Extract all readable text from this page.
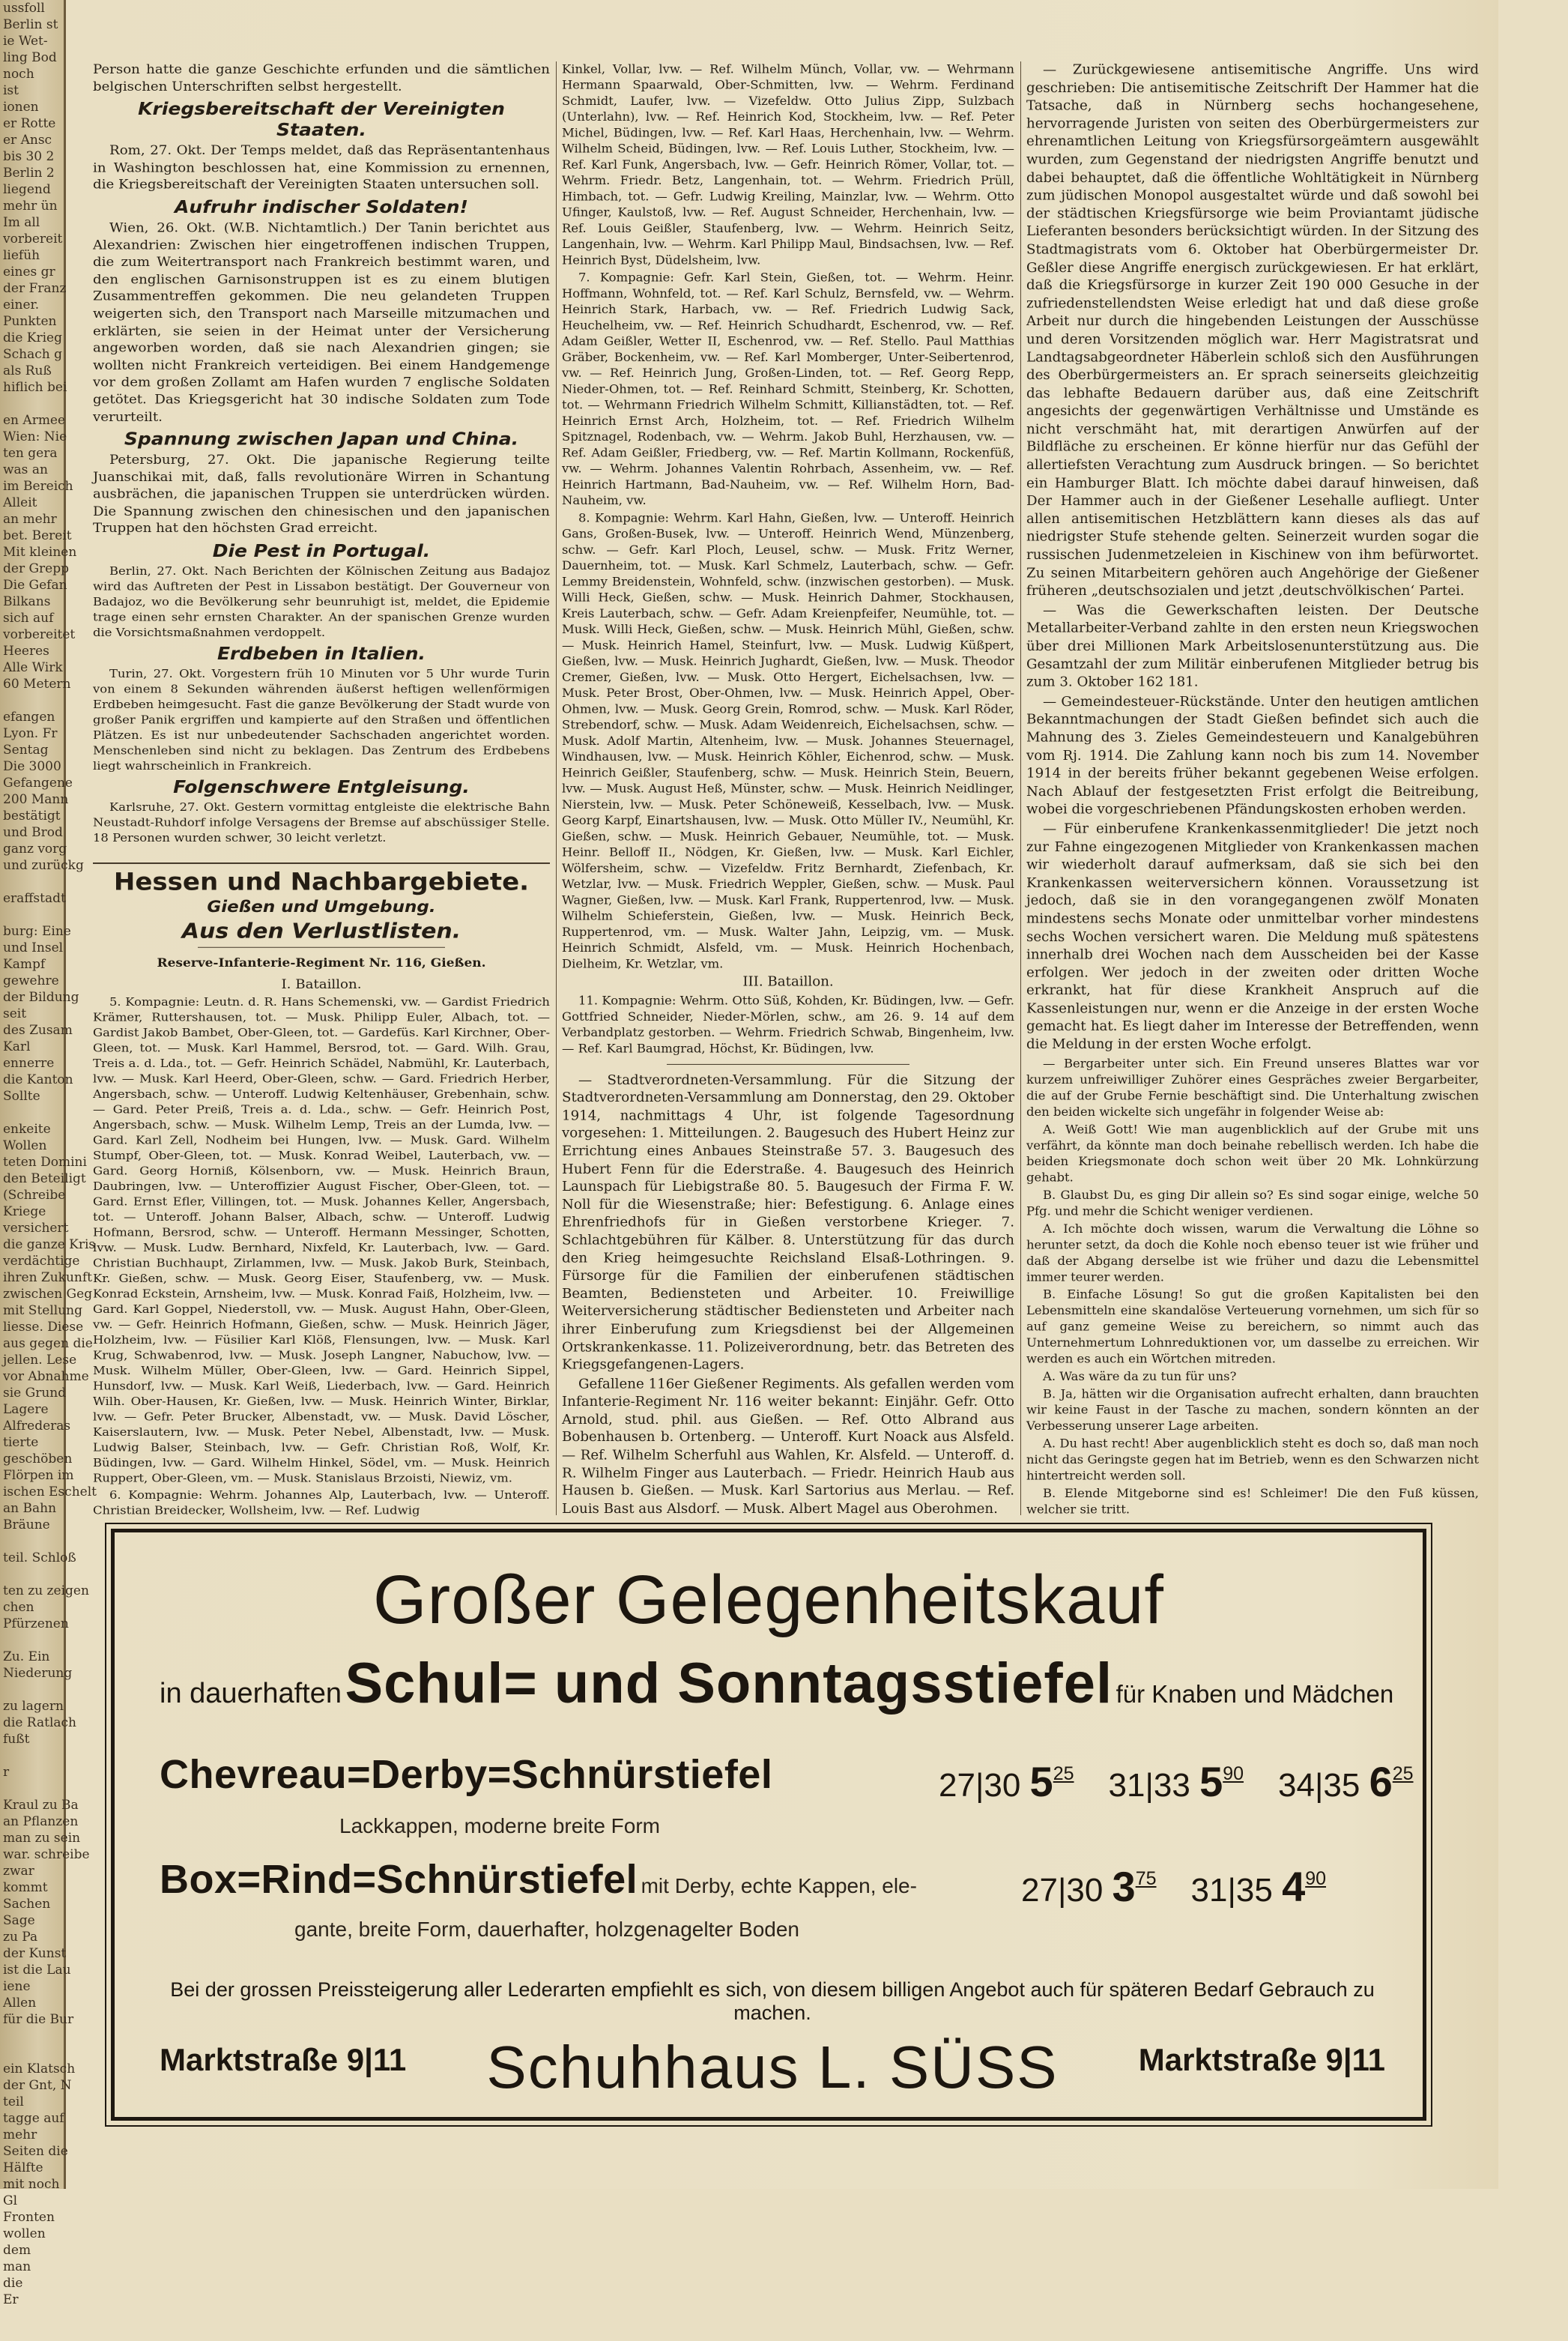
ussfoll
Berlin st
ie Wet-
ling Bod
noch
ist
ionen
er Rotte
er Ansc
bis 30 2
Berlin 2
liegend
mehr ün
Im all
vorbereit
liefüh
eines gr
der Franz
einer.
Punkten
die Krieg
Schach g
als Ruß
hiflich bei

en Armee
Wien: Nie
ten gera
was an
im Bereich
Alleit
an mehr
bet. Bereit
Mit kleinen
der Grepp
Die Gefan
Bilkans
sich auf
vorbereitet
Heeres
Alle Wirk
60 Metern

efangen
Lyon. Fr
Sentag
Die 3000
Gefangene
200 Mann
bestätigt
und Brod
ganz vorg
und zurückg

eraffstadt

burg: Eine
und Insel
Kampf
gewehre
der Bildung
seit
des Zusam
Karl
ennerre
die Kanton
Sollte

enkeite
Wollen
teten Domini
den Beteiligt
(Schreibe
Kriege
versichert
die ganze Kris
verdächtige
ihren Zukunft
zwischen Geg
mit Stellung
liesse. Diese
aus gegen die
jellen. Lese
vor Abnahme
sie Grund
Lagere
Alfrederas
tierte
geschöben
Flörpen im
ischen Eschelt
an Bahn
Bräune

teil. Schloß

ten zu zeigen
chen
Pfürzenen

Zu. Ein
Niederung

zu lagern
die Ratlach
fußt

r

Kraul zu Ba
an Pflanzen
man zu sein
war. schreibe
zwar
kommt
Sachen
Sage
zu Pa
der Kunst
ist die Lau
iene
Allen
für die Bur

ein Klatsch
der Gnt, N
teil
tagge auf
mehr
Seiten die
Hälfte
mit noch
Gl
Fronten
wollen
dem
man
die
Er

Person hatte die ganze Geschichte erfunden und die sämtlichen belgischen Unterschriften selbst hergestellt.

Kriegsbereitschaft der Vereinigten Staaten.

Rom, 27. Okt. Der Temps meldet, daß das Repräsentantenhaus in Washington beschlossen hat, eine Kommission zu ernennen, die Kriegsbereitschaft der Vereinigten Staaten untersuchen soll.

Aufruhr indischer Soldaten!

Wien, 26. Okt. (W.B. Nichtamtlich.) Der Tanin berichtet aus Alexandrien: Zwischen hier eingetroffenen indischen Truppen, die zum Weitertransport nach Frankreich bestimmt waren, und den englischen Garnisonstruppen ist es zu einem blutigen Zusammentreffen gekommen. Die neu gelandeten Truppen weigerten sich, den Transport nach Marseille mitzumachen und erklärten, sie seien in der Heimat unter der Versicherung angeworben worden, daß sie nach Alexandrien gingen; sie wollten nicht Frankreich verteidigen. Bei einem Handgemenge vor dem großen Zollamt am Hafen wurden 7 englische Soldaten getötet. Das Kriegsgericht hat 30 indische Soldaten zum Tode verurteilt.

Spannung zwischen Japan und China.

Petersburg, 27. Okt. Die japanische Regierung teilte Juanschikai mit, daß, falls revolutionäre Wirren in Schantung ausbrächen, die japanischen Truppen sie unterdrücken würden. Die Spannung zwischen den chinesischen und den japanischen Truppen hat den höchsten Grad erreicht.

Die Pest in Portugal.

Berlin, 27. Okt. Nach Berichten der Kölnischen Zeitung aus Badajoz wird das Auftreten der Pest in Lissabon bestätigt. Der Gouverneur von Badajoz, wo die Bevölkerung sehr beunruhigt ist, meldet, die Epidemie trage einen sehr ernsten Charakter. An der spanischen Grenze wurden die Vorsichtsmaßnahmen verdoppelt.

Erdbeben in Italien.

Turin, 27. Okt. Vorgestern früh 10 Minuten vor 5 Uhr wurde Turin von einem 8 Sekunden währenden äußerst heftigen wellenförmigen Erdbeben heimgesucht. Fast die ganze Bevölkerung der Stadt wurde von großer Panik ergriffen und kampierte auf den Straßen und öffentlichen Plätzen. Es ist nur unbedeutender Sachschaden angerichtet worden. Menschenleben sind nicht zu beklagen. Das Zentrum des Erdbebens liegt wahrscheinlich in Frankreich.

Folgenschwere Entgleisung.

Karlsruhe, 27. Okt. Gestern vormittag entgleiste die elektrische Bahn Neustadt-Ruhdorf infolge Versagens der Bremse auf abschüssiger Stelle. 18 Personen wurden schwer, 30 leicht verletzt.

Hessen und Nachbargebiete.
Gießen und Umgebung.
Aus den Verlustlisten.
Reserve-Infanterie-Regiment Nr. 116, Gießen.

I. Bataillon.

5. Kompagnie: Leutn. d. R. Hans Schemenski, vw. — Gardist Friedrich Krämer, Ruttershausen, tot. — Musk. Philipp Euler, Albach, tot. — Gardist Jakob Bambet, Ober-Gleen, tot. — Gardefüs. Karl Kirchner, Ober-Gleen, tot. — Musk. Karl Hammel, Bersrod, tot. — Gard. Wilh. Grau, Treis a. d. Lda., tot. — Gefr. Heinrich Schädel, Nabmühl, Kr. Lauterbach, lvw. — Musk. Karl Heerd, Ober-Gleen, schw. — Gard. Friedrich Herber, Angersbach, schw. — Unteroff. Ludwig Keltenhäuser, Grebenhain, schw. — Gard. Peter Preiß, Treis a. d. Lda., schw. — Gefr. Heinrich Post, Angersbach, schw. — Musk. Wilhelm Lemp, Treis an der Lumda, lvw. — Gard. Karl Zell, Nodheim bei Hungen, lvw. — Musk. Gard. Wilhelm Stumpf, Ober-Gleen, tot. — Musk. Konrad Weibel, Lauterbach, vw. — Gard. Georg Horniß, Kölsenborn, vw. — Musk. Heinrich Braun, Daubringen, lvw. — Unteroffizier August Fischer, Ober-Gleen, tot. — Gard. Ernst Efler, Villingen, tot. — Musk. Johannes Keller, Angersbach, tot. — Unteroff. Johann Balser, Albach, schw. — Unteroff. Ludwig Hofmann, Bersrod, schw. — Unteroff. Hermann Messinger, Schotten, lvw. — Musk. Ludw. Bernhard, Nixfeld, Kr. Lauterbach, lvw. — Gard. Christian Buchhaupt, Zirlammen, lvw. — Musk. Jakob Burk, Steinbach, Kr. Gießen, schw. — Musk. Georg Eiser, Staufenberg, vw. — Musk. Konrad Eckstein, Arnsheim, lvw. — Musk. Konrad Faiß, Holzheim, lvw. — Gard. Karl Goppel, Niederstoll, vw. — Musk. August Hahn, Ober-Gleen, vw. — Gefr. Heinrich Hofmann, Gießen, schw. — Musk. Heinrich Jäger, Holzheim, lvw. — Füsilier Karl Klöß, Flensungen, lvw. — Musk. Karl Krug, Schwabenrod, lvw. — Musk. Joseph Langner, Nabuchow, lvw. — Musk. Wilhelm Müller, Ober-Gleen, lvw. — Gard. Heinrich Sippel, Hunsdorf, lvw. — Musk. Karl Weiß, Liederbach, lvw. — Gard. Heinrich Wilh. Ober-Hausen, Kr. Gießen, lvw. — Musk. Heinrich Winter, Birklar, lvw. — Gefr. Peter Brucker, Albenstadt, vw. — Musk. David Löscher, Kaiserslautern, lvw. — Musk. Peter Nebel, Albenstadt, lvw. — Musk. Ludwig Balser, Steinbach, lvw. — Gefr. Christian Roß, Wolf, Kr. Büdingen, lvw. — Gard. Wilhelm Hinkel, Södel, vm. — Musk. Heinrich Ruppert, Ober-Gleen, vm. — Musk. Stanislaus Brzoisti, Niewiz, vm.

6. Kompagnie: Wehrm. Johannes Alp, Lauterbach, lvw. — Unteroff. Christian Breidecker, Wollsheim, lvw. — Ref. Ludwig

Kinkel, Vollar, lvw. — Ref. Wilhelm Münch, Vollar, vw. — Wehrmann Hermann Spaarwald, Ober-Schmitten, lvw. — Wehrm. Ferdinand Schmidt, Laufer, lvw. — Vizefeldw. Otto Julius Zipp, Sulzbach (Unterlahn), lvw. — Ref. Heinrich Kod, Stockheim, lvw. — Ref. Peter Michel, Büdingen, lvw. — Ref. Karl Haas, Herchenhain, lvw. — Wehrm. Wilhelm Scheid, Büdingen, lvw. — Ref. Louis Luther, Stockheim, lvw. — Ref. Karl Funk, Angersbach, lvw. — Gefr. Heinrich Römer, Vollar, tot. — Wehrm. Friedr. Betz, Langenhain, tot. — Wehrm. Friedrich Prüll, Himbach, tot. — Gefr. Ludwig Kreiling, Mainzlar, lvw. — Wehrm. Otto Ufinger, Kaulstoß, lvw. — Ref. August Schneider, Herchenhain, lvw. — Ref. Louis Geißler, Staufenberg, lvw. — Wehrm. Heinrich Seitz, Langenhain, lvw. — Wehrm. Karl Philipp Maul, Bindsachsen, lvw. — Ref. Heinrich Byst, Düdelsheim, lvw.

7. Kompagnie: Gefr. Karl Stein, Gießen, tot. — Wehrm. Heinr. Hoffmann, Wohnfeld, tot. — Ref. Karl Schulz, Bernsfeld, vw. — Wehrm. Heinrich Stark, Harbach, vw. — Ref. Friedrich Ludwig Sack, Heuchelheim, vw. — Ref. Heinrich Schudhardt, Eschenrod, vw. — Ref. Adam Geißler, Wetter II, Eschenrod, vw. — Ref. Stello. Paul Matthias Gräber, Bockenheim, vw. — Ref. Karl Momberger, Unter-Seibertenrod, vw. — Ref. Heinrich Jung, Großen-Linden, tot. — Ref. Georg Repp, Nieder-Ohmen, tot. — Ref. Reinhard Schmitt, Steinberg, Kr. Schotten, tot. — Wehrmann Friedrich Wilhelm Schmitt, Killianstädten, tot. — Ref. Heinrich Ernst Arch, Holzheim, tot. — Ref. Friedrich Wilhelm Spitznagel, Rodenbach, vw. — Wehrm. Jakob Buhl, Herzhausen, vw. — Ref. Adam Geißler, Friedberg, vw. — Ref. Martin Kollmann, Rockenfüß, vw. — Wehrm. Johannes Valentin Rohrbach, Assenheim, vw. — Ref. Heinrich Hartmann, Bad-Nauheim, vw. — Ref. Wilhelm Horn, Bad-Nauheim, vw.

8. Kompagnie: Wehrm. Karl Hahn, Gießen, lvw. — Unteroff. Heinrich Gans, Großen-Busek, lvw. — Unteroff. Heinrich Wend, Münzenberg, schw. — Gefr. Karl Ploch, Leusel, schw. — Musk. Fritz Werner, Dauernheim, tot. — Musk. Karl Schmelz, Lauterbach, schw. — Gefr. Lemmy Breidenstein, Wohnfeld, schw. (inzwischen gestorben). — Musk. Willi Heck, Gießen, schw. — Musk. Heinrich Dahmer, Stockhausen, Kreis Lauterbach, schw. — Gefr. Adam Kreienpfeifer, Neumühle, tot. — Musk. Willi Heck, Gießen, schw. — Musk. Heinrich Mühl, Gießen, schw. — Musk. Heinrich Hamel, Steinfurt, lvw. — Musk. Ludwig Küßpert, Gießen, lvw. — Musk. Heinrich Jughardt, Gießen, lvw. — Musk. Theodor Cremer, Gießen, lvw. — Musk. Otto Hergert, Eichelsachsen, lvw. — Musk. Peter Brost, Ober-Ohmen, lvw. — Musk. Heinrich Appel, Ober-Ohmen, lvw. — Musk. Georg Grein, Romrod, schw. — Musk. Karl Röder, Strebendorf, schw. — Musk. Adam Weidenreich, Eichelsachsen, schw. — Musk. Adolf Martin, Altenheim, lvw. — Musk. Johannes Steuernagel, Windhausen, lvw. — Musk. Heinrich Köhler, Eichenrod, schw. — Musk. Heinrich Geißler, Staufenberg, schw. — Musk. Heinrich Stein, Beuern, lvw. — Musk. August Heß, Münster, schw. — Musk. Heinrich Neidlinger, Nierstein, lvw. — Musk. Peter Schöneweiß, Kesselbach, lvw. — Musk. Georg Karpf, Einartshausen, lvw. — Musk. Otto Müller IV., Neumühl, Kr. Gießen, schw. — Musk. Heinrich Gebauer, Neumühle, tot. — Musk. Heinr. Belloff II., Nödgen, Kr. Gießen, lvw. — Musk. Karl Eichler, Wölfersheim, schw. — Vizefeldw. Fritz Bernhardt, Ziefenbach, Kr. Wetzlar, lvw. — Musk. Friedrich Weppler, Gießen, schw. — Musk. Paul Wagner, Gießen, lvw. — Musk. Karl Frank, Ruppertenrod, lvw. — Musk. Wilhelm Schieferstein, Gießen, lvw. — Musk. Heinrich Beck, Ruppertenrod, vm. — Musk. Walter Jahn, Leipzig, vm. — Musk. Heinrich Schmidt, Alsfeld, vm. — Musk. Heinrich Hochenbach, Dielheim, Kr. Wetzlar, vm.

III. Bataillon.

11. Kompagnie: Wehrm. Otto Süß, Kohden, Kr. Büdingen, lvw. — Gefr. Gottfried Schneider, Nieder-Mörlen, schw., am 26. 9. 14 auf dem Verbandplatz gestorben. — Wehrm. Friedrich Schwab, Bingenheim, lvw. — Ref. Karl Baumgrad, Höchst, Kr. Büdingen, lvw.

— Stadtverordneten-Versammlung. Für die Sitzung der Stadtverordneten-Versammlung am Donnerstag, den 29. Oktober 1914, nachmittags 4 Uhr, ist folgende Tagesordnung vorgesehen: 1. Mitteilungen. 2. Baugesuch des Hubert Heinz zur Errichtung eines Anbaues Steinstraße 57. 3. Baugesuch des Hubert Fenn für die Ederstraße. 4. Baugesuch des Heinrich Launspach für Liebigstraße 80. 5. Baugesuch der Firma F. W. Noll für die Wiesenstraße; hier: Befestigung. 6. Anlage eines Ehrenfriedhofs für in Gießen verstorbene Krieger. 7. Schlachtgebühren für Kälber. 8. Unterstützung für das durch den Krieg heimgesuchte Reichsland Elsaß-Lothringen. 9. Fürsorge für die Familien der einberufenen städtischen Beamten, Bediensteten und Arbeiter. 10. Freiwillige Weiterversicherung städtischer Bediensteten und Arbeiter nach ihrer Einberufung zum Kriegsdienst bei der Allgemeinen Ortskrankenkasse. 11. Polizeiverordnung, betr. das Betreten des Kriegsgefangenen-Lagers.

Gefallene 116er Gießener Regiments. Als gefallen werden vom Infanterie-Regiment Nr. 116 weiter bekannt: Einjähr. Gefr. Otto Arnold, stud. phil. aus Gießen. — Ref. Otto Albrand aus Bobenhausen b. Ortenberg. — Unteroff. Kurt Noack aus Alsfeld. — Ref. Wilhelm Scherfuhl aus Wahlen, Kr. Alsfeld. — Unteroff. d. R. Wilhelm Finger aus Lauterbach. — Friedr. Heinrich Haub aus Hausen b. Gießen. — Musk. Karl Sartorius aus Merlau. — Ref. Louis Bast aus Alsdorf. — Musk. Albert Magel aus Oberohmen.

— Zurückgewiesene antisemitische Angriffe. Uns wird geschrieben: Die antisemitische Zeitschrift Der Hammer hat die Tatsache, daß in Nürnberg sechs hochangesehene, hervorragende Juristen von seiten des Oberbürgermeisters zur ehrenamtlichen Leitung von Kriegsfürsorgeämtern ausgewählt wurden, zum Gegenstand der niedrigsten Angriffe benutzt und dabei behauptet, daß die öffentliche Wohltätigkeit in Nürnberg zum jüdischen Monopol ausgestaltet würde und daß sowohl bei der städtischen Kriegsfürsorge wie beim Proviantamt jüdische Lieferanten besonders berücksichtigt würden. In der Sitzung des Stadtmagistrats vom 6. Oktober hat Oberbürgermeister Dr. Geßler diese Angriffe energisch zurückgewiesen. Er hat erklärt, daß die Kriegsfürsorge in kurzer Zeit 190 000 Gesuche in der zufriedenstellendsten Weise erledigt hat und daß diese große Arbeit nur durch die hingebenden Leistungen der Ausschüsse und deren Vorsitzenden möglich war. Herr Magistratsrat und Landtagsabgeordneter Häberlein schloß sich den Ausführungen des Oberbürgermeisters an. Er sprach seinerseits gleichzeitig das lebhafte Bedauern darüber aus, daß eine Zeitschrift angesichts der gegenwärtigen Verhältnisse und Umstände es nicht verschmäht hat, mit derartigen Anwürfen auf der Bildfläche zu erscheinen. Er könne hierfür nur das Gefühl der allertiefsten Verachtung zum Ausdruck bringen. — So berichtet ein Hamburger Blatt. Ich möchte dabei darauf hinweisen, daß Der Hammer auch in der Gießener Lesehalle aufliegt. Unter allen antisemitischen Hetzblättern kann dieses als das auf niedrigster Stufe stehende gelten. Seinerzeit wurden sogar die russischen Judenmetzeleien in Kischinew von ihm befürwortet. Zu seinen Mitarbeitern gehören auch Angehörige der Gießener früheren „deutschsozialen und jetzt ‚deutschvölkischen‘ Partei.

— Was die Gewerkschaften leisten. Der Deutsche Metallarbeiter-Verband zahlte in den ersten neun Kriegswochen über drei Millionen Mark Arbeitslosenunterstützung aus. Die Gesamtzahl der zum Militär einberufenen Mitglieder betrug bis zum 3. Oktober 162 181.

— Gemeindesteuer-Rückstände. Unter den heutigen amtlichen Bekanntmachungen der Stadt Gießen befindet sich auch die Mahnung des 3. Zieles Gemeindesteuern und Kanalgebühren vom Rj. 1914. Die Zahlung kann noch bis zum 14. November 1914 in der bereits früher bekannt gegebenen Weise erfolgen. Nach Ablauf der festgesetzten Frist erfolgt die Beitreibung, wobei die vorgeschriebenen Pfändungskosten erhoben werden.

— Für einberufene Krankenkassenmitglieder! Die jetzt noch zur Fahne eingezogenen Mitglieder von Krankenkassen machen wir wiederholt darauf aufmerksam, daß sie sich bei den Krankenkassen weiterversichern können. Voraussetzung ist jedoch, daß sie in den vorangegangenen zwölf Monaten mindestens sechs Monate oder unmittelbar vorher mindestens sechs Wochen versichert waren. Die Meldung muß spätestens innerhalb drei Wochen nach dem Ausscheiden bei der Kasse erfolgen. Wer jedoch in der zweiten oder dritten Woche erkrankt, hat für diese Krankheit Anspruch auf die Kassenleistungen nur, wenn er die Anzeige in der ersten Woche gemacht hat. Es liegt daher im Interesse der Betreffenden, wenn die Meldung in der ersten Woche erfolgt.

— Bergarbeiter unter sich. Ein Freund unseres Blattes war vor kurzem unfreiwilliger Zuhörer eines Gespräches zweier Bergarbeiter, die auf der Grube Fernie beschäftigt sind. Die Unterhaltung zwischen den beiden wickelte sich ungefähr in folgender Weise ab:

A. Weiß Gott! Wie man augenblicklich auf der Grube mit uns verfährt, da könnte man doch beinahe rebellisch werden. Ich habe die beiden Kriegsmonate doch schon weit über 20 Mk. Lohnkürzung gehabt.

B. Glaubst Du, es ging Dir allein so? Es sind sogar einige, welche 50 Pfg. und mehr die Schicht weniger verdienen.

A. Ich möchte doch wissen, warum die Verwaltung die Löhne so herunter setzt, da doch die Kohle noch ebenso teuer ist wie früher und daß der Abgang derselbe ist wie früher und dazu die Lebensmittel immer teurer werden.

B. Einfache Lösung! So gut die großen Kapitalisten bei den Lebensmitteln eine skandalöse Verteuerung vornehmen, um sich für so auf ganz gemeine Weise zu bereichern, so nimmt auch das Unternehmertum Lohnreduktionen vor, um dasselbe zu erreichen. Wir werden es auch ein Wörtchen mitreden.

A. Was wäre da zu tun für uns?

B. Ja, hätten wir die Organisation aufrecht erhalten, dann brauchten wir keine Faust in der Tasche zu machen, sondern könnten an der Verbesserung unserer Lage arbeiten.

A. Du hast recht! Aber augenblicklich steht es doch so, daß man noch nicht das Geringste gegen hat im Betrieb, wenn es den Schwarzen nicht hintertreicht werden soll.

B. Elende Mitgeborne sind es! Schleimer! Die den Fuß küssen, welcher sie tritt.

Großer Gelegenheitskauf
in dauerhaften Schul= und Sonntagsstiefel für Knaben und Mädchen
Chevreau=Derby=Schnürstiefel	27|30 $5^{25}$ 31|33 $5^{90}$ 34|35 $6^{25}$
Lackkappen, moderne breite Form
Box=Rind=Schnürstiefel mit Derby, echte Kappen, ele-	27|30 $3^{75}$ 31|35 $4^{90}$
gante, breite Form, dauerhafter, holzgenagelter Boden
Bei der grossen Preissteigerung aller Lederarten empfiehlt es sich, von diesem billigen Angebot auch für späteren Bedarf Gebrauch zu machen.
Marktstraße 9|11	Schuhhaus L. SÜSS	Marktstraße 9|11
